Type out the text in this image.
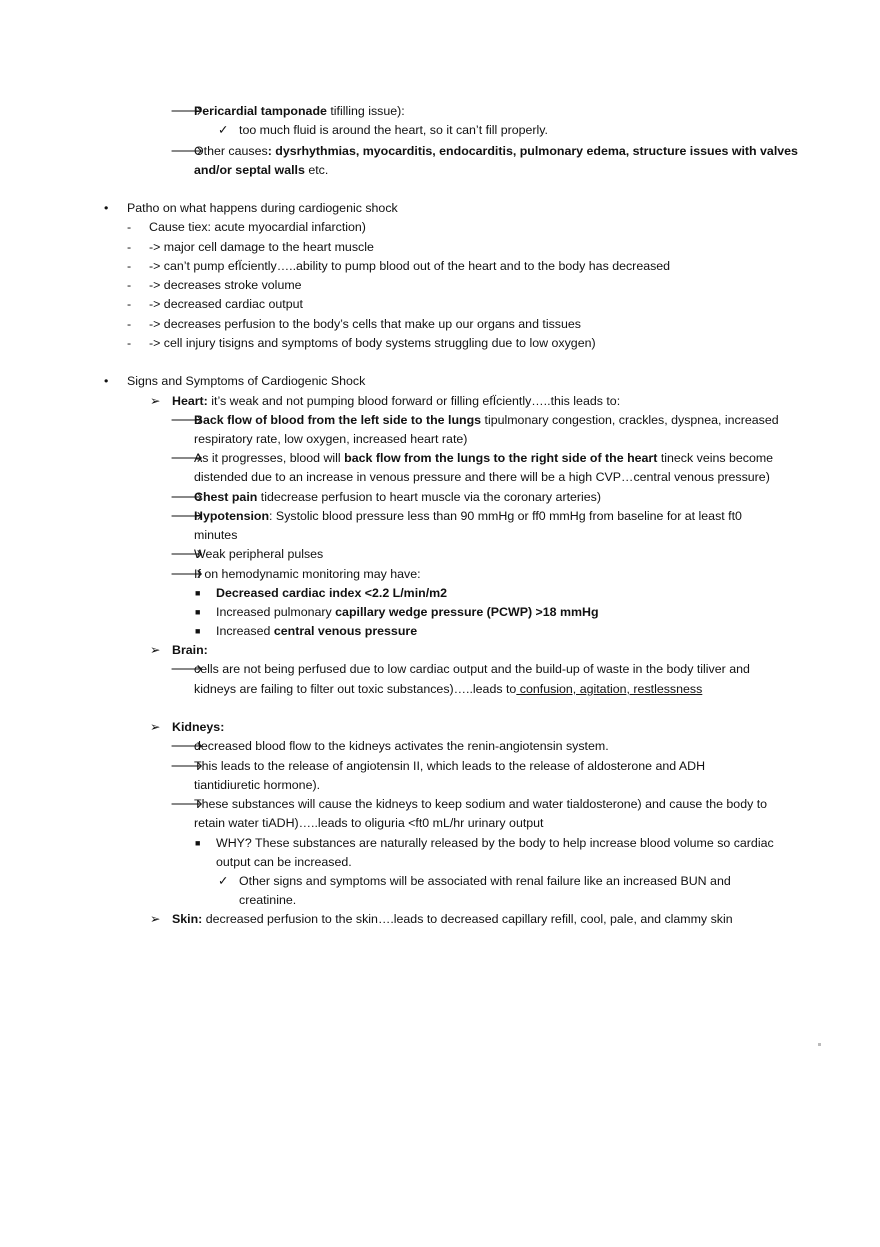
🡒
Pericardial tamponade tifilling issue):
✓ too much fluid is around the heart, so it can’t fill properly.
🡒
Other causes: dysrhythmias, myocarditis, endocarditis, pulmonary edema, structure issues with valves
and/or septal walls etc.
• Patho on what happens during cardiogenic shock
- Cause tiex: acute myocardial infarction)
- -> major cell damage to the heart muscle
- -> can’t pump efÏciently…..ability to pump blood out of the heart and to the body has decreased
- -> decreases stroke volume
- -> decreased cardiac output
- -> decreases perfusion to the body’s cells that make up our organs and tissues
- -> cell injury tisigns and symptoms of body systems struggling due to low oxygen)
• Signs and Symptoms of Cardiogenic Shock
➢ Heart: it’s weak and not pumping blood forward or filling efÏciently…..this leads to:
🡒
Back flow of blood from the left side to the lungs tipulmonary congestion, crackles, dyspnea, increased
respiratory rate, low oxygen, increased heart rate)
🡒
As it progresses, blood will back flow from the lungs to the right side of the heart tineck veins become
distended due to an increase in venous pressure and there will be a high CVP…central venous pressure)
🡒
Chest pain tidecrease perfusion to heart muscle via the coronary arteries)
🡒
Hypotension: Systolic blood pressure less than 90 mmHg or ff0 mmHg from baseline for at least ft0
minutes
🡒
Weak peripheral pulses
🡒
If on hemodynamic monitoring may have:
■ Decreased cardiac index <2.2 L/min/m2
■ Increased pulmonary capillary wedge pressure (PCWP) >18 mmHg
■ Increased central venous pressure
➢ Brain:
🡒
cells are not being perfused due to low cardiac output and the build-up of waste in the body tiliver and
kidneys are failing to filter out toxic substances)…..leads to confusion, agitation, restlessness
➢ Kidneys:
🡒
decreased blood flow to the kidneys activates the renin-angiotensin system.
🡒
This leads to the release of angiotensin II, which leads to the release of aldosterone and ADH
tiantidiuretic hormone).
🡒
These substances will cause the kidneys to keep sodium and water tialdosterone) and cause the body to
retain water tiADH)…..leads to oliguria <ft0 mL/hr urinary output
■ WHY? These substances are naturally released by the body to help increase blood volume so cardiac
output can be increased.
✓ Other signs and symptoms will be associated with renal failure like an increased BUN and
creatinine.
➢ Skin: decreased perfusion to the skin….leads to decreased capillary refill, cool, pale, and clammy skin
